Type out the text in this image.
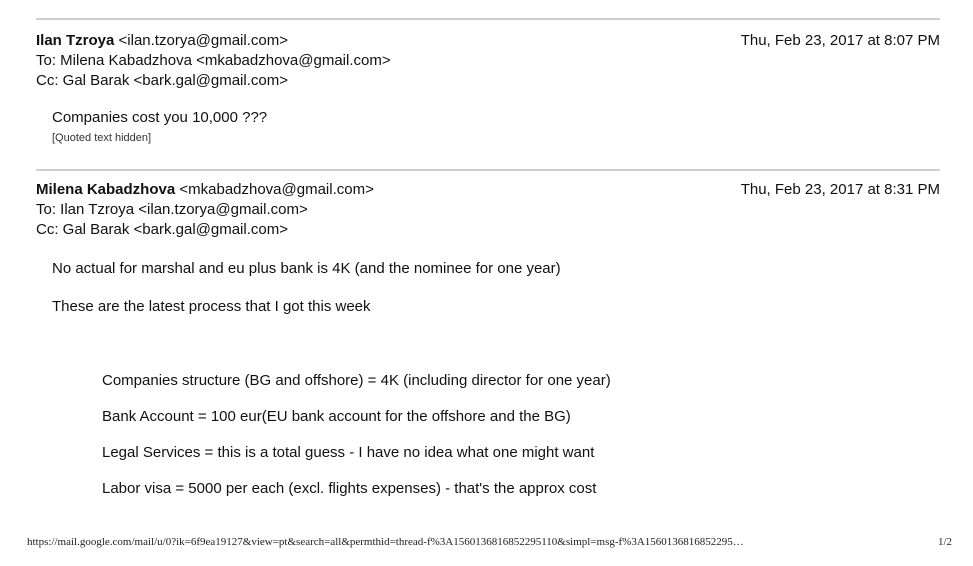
Ilan Tzroya <ilan.tzorya@gmail.com>	Thu, Feb 23, 2017 at 8:07 PM
To: Milena Kabadzhova <mkabadzhova@gmail.com>
Cc: Gal Barak <bark.gal@gmail.com>
Companies cost you 10,000 ???
[Quoted text hidden]
Milena Kabadzhova <mkabadzhova@gmail.com>	Thu, Feb 23, 2017 at 8:31 PM
To: Ilan Tzroya <ilan.tzorya@gmail.com>
Cc: Gal Barak <bark.gal@gmail.com>
No actual for marshal and eu plus bank is 4K (and the nominee for one year)
These are the latest process that I got this week
Companies structure (BG and offshore) = 4K (including director for one year)
Bank Account = 100 eur(EU bank account for the offshore and the BG)
Legal Services = this is a total guess - I have no idea what one might want
Labor visa = 5000 per each (excl. flights expenses) - that's the approx cost
https://mail.google.com/mail/u/0?ik=6f9ea19127&view=pt&search=all&permthid=thread-f%3A1560136816852295110&simpl=msg-f%3A1560136816852295…	1/2
